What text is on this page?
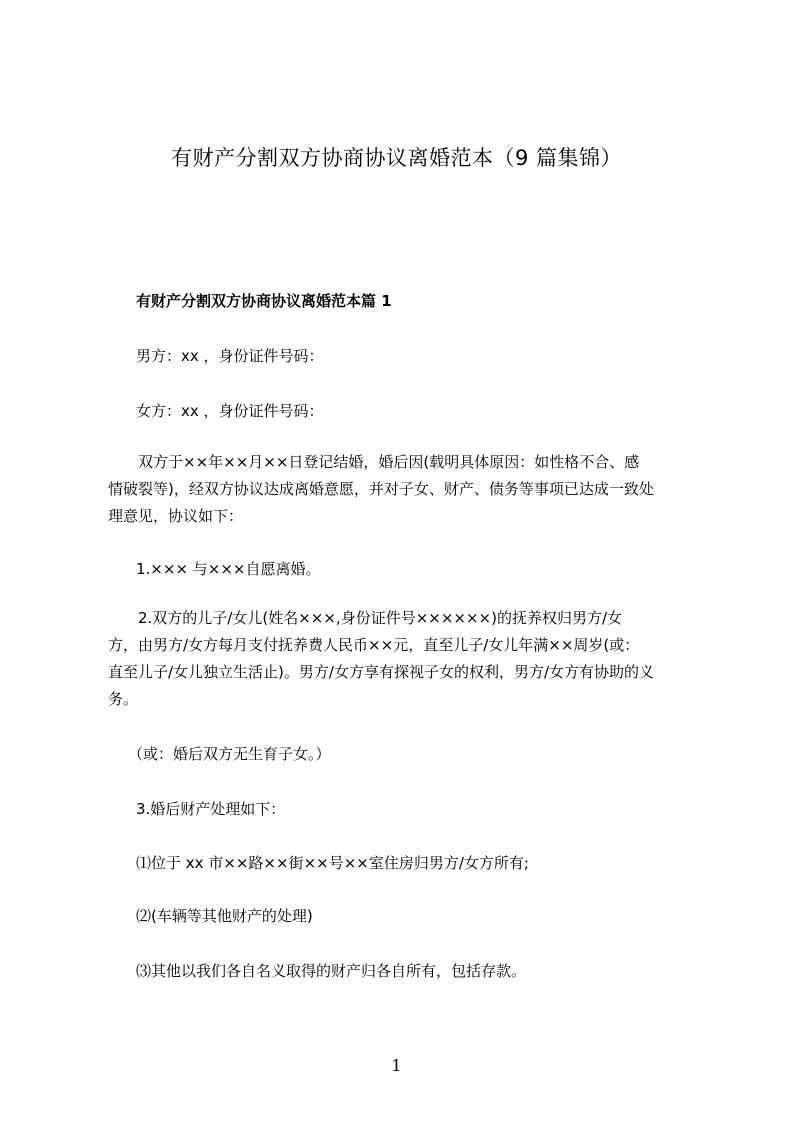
有财产分割双方协商协议离婚范本（9 篇集锦）
有财产分割双方协商协议离婚范本篇 1
男方：xx ，身份证件号码：
女方：xx ，身份证件号码：
双方于××年××月××日登记结婚，婚后因(载明具体原因：如性格不合、感
情破裂等)，经双方协议达成离婚意愿，并对子女、财产、债务等事项已达成一致处
理意见，协议如下：
1.××× 与×××自愿离婚。
2.双方的儿子/女儿(姓名×××,身份证件号××××××)的抚养权归男方/女
方，由男方/女方每月支付抚养费人民币××元，直至儿子/女儿年满××周岁(或：
直至儿子/女儿独立生活止)。男方/女方享有探视子女的权利，男方/女方有协助的义
务。
（或：婚后双方无生育子女。）
3.婚后财产处理如下：
⑴位于 xx 市××路××街××号××室住房归男方/女方所有;
⑵(车辆等其他财产的处理)
⑶其他以我们各自名义取得的财产归各自所有，包括存款。
1
